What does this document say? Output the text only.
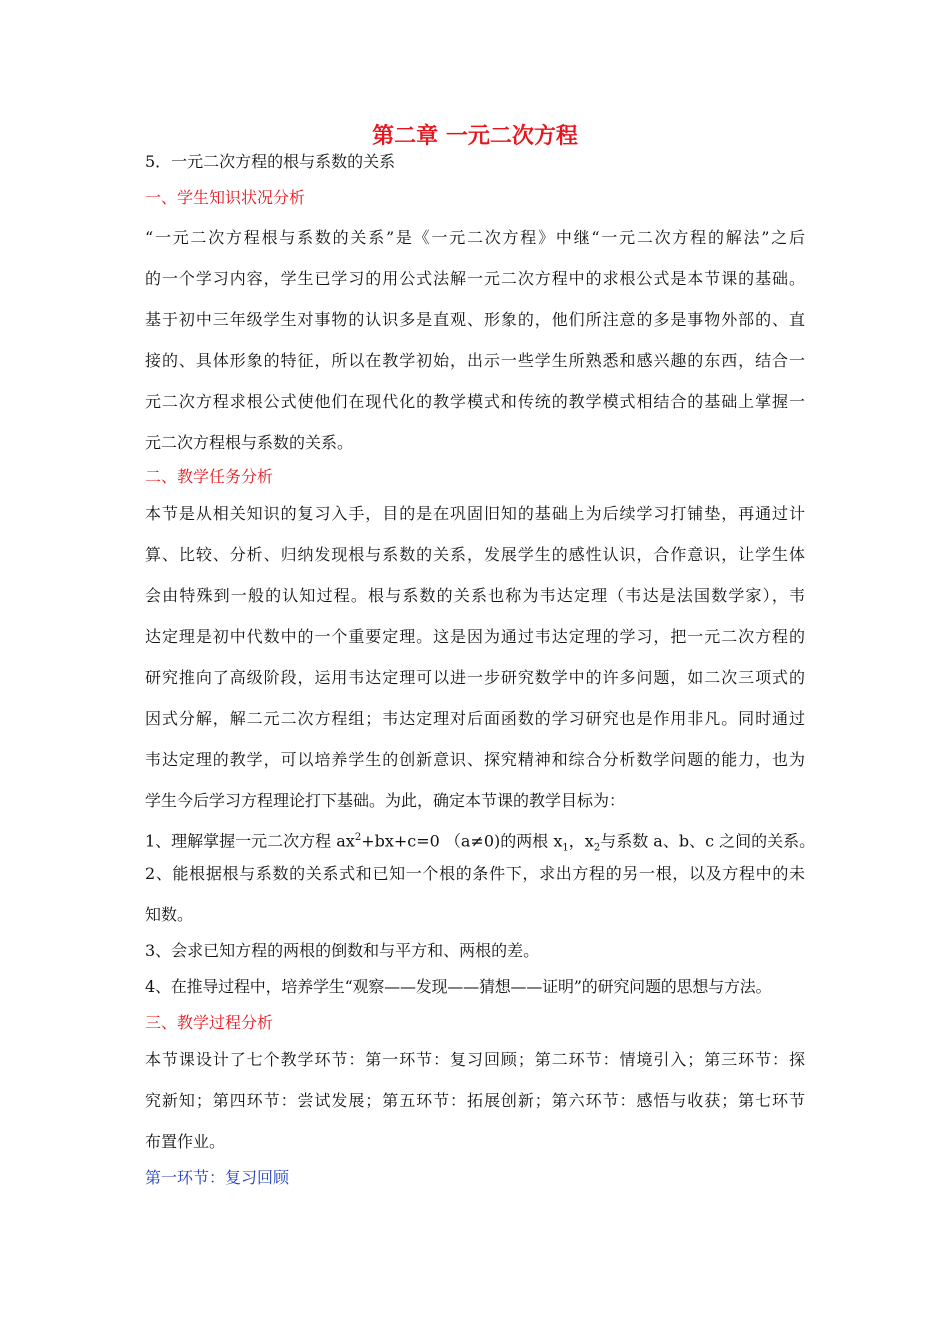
第二章 一元二次方程
5．一元二次方程的根与系数的关系
一、学生知识状况分析
“一元二次方程根与系数的关系”是《一元二次方程》中继“一元二次方程的解法”之后
的一个学习内容，学生已学习的用公式法解一元二次方程中的求根公式是本节课的基础。
基于初中三年级学生对事物的认识多是直观、形象的，他们所注意的多是事物外部的、直
接的、具体形象的特征，所以在教学初始，出示一些学生所熟悉和感兴趣的东西，结合一
元二次方程求根公式使他们在现代化的教学模式和传统的教学模式相结合的基础上掌握一
元二次方程根与系数的关系。
二、教学任务分析
本节是从相关知识的复习入手，目的是在巩固旧知的基础上为后续学习打铺垫，再通过计
算、比较、分析、归纳发现根与系数的关系，发展学生的感性认识，合作意识，让学生体
会由特殊到一般的认知过程。根与系数的关系也称为韦达定理（韦达是法国数学家），韦
达定理是初中代数中的一个重要定理。这是因为通过韦达定理的学习，把一元二次方程的
研究推向了高级阶段，运用韦达定理可以进一步研究数学中的许多问题，如二次三项式的
因式分解，解二元二次方程组；韦达定理对后面函数的学习研究也是作用非凡。同时通过
韦达定理的教学，可以培养学生的创新意识、探究精神和综合分析数学问题的能力，也为
学生今后学习方程理论打下基础。为此，确定本节课的教学目标为：
1、理解掌握一元二次方程 $ax^2+bx+c=0$ （a≠0)的两根 $x_1$，$x_2$与系数 a、b、c 之间的关系。
2、能根据根与系数的关系式和已知一个根的条件下，求出方程的另一根，以及方程中的未
知数。
3、会求已知方程的两根的倒数和与平方和、两根的差。
4、在推导过程中，培养学生“观察——发现——猜想——证明”的研究问题的思想与方法。
三、教学过程分析
本节课设计了七个教学环节：第一环节：复习回顾；第二环节：情境引入；第三环节：探
究新知；第四环节：尝试发展；第五环节：拓展创新；第六环节：感悟与收获；第七环节
布置作业。
第一环节：复习回顾
